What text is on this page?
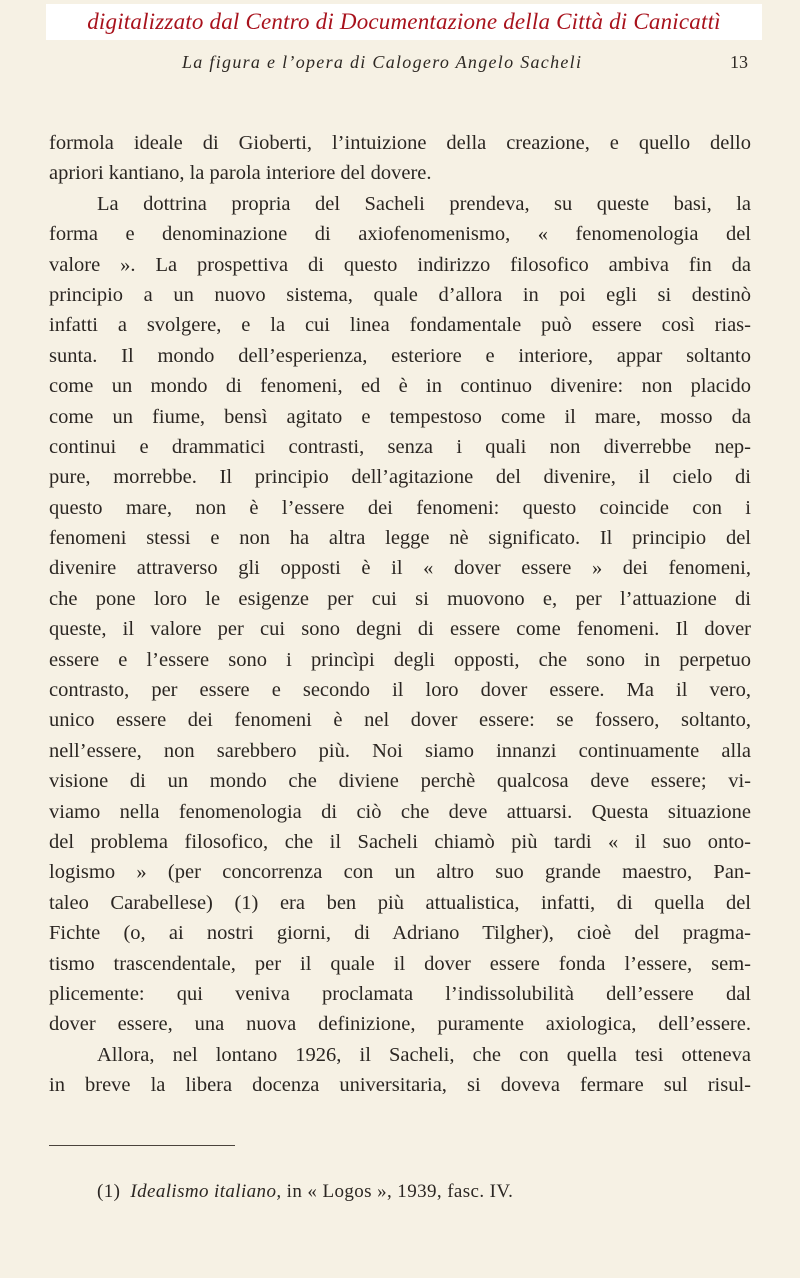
digitalizzato dal Centro di Documentazione della Città di Canicattì
La figura e l’opera di Calogero Angelo Sacheli	13
formola ideale di Gioberti, l’intuizione della creazione, e quello dello
apriori kantiano, la parola interiore del dovere.
La dottrina propria del Sacheli prendeva, su queste basi, la
forma e denominazione di axiofenomenismo, « fenomenologia del
valore ». La prospettiva di questo indirizzo filosofico ambiva fin da
principio a un nuovo sistema, quale d’allora in poi egli si destinò
infatti a svolgere, e la cui linea fondamentale può essere così rias-
sunta. Il mondo dell’esperienza, esteriore e interiore, appar soltanto
come un mondo di fenomeni, ed è in continuo divenire: non placido
come un fiume, bensì agitato e tempestoso come il mare, mosso da
continui e drammatici contrasti, senza i quali non diverrebbe nep-
pure, morrebbe. Il principio dell’agitazione del divenire, il cielo di
questo mare, non è l’essere dei fenomeni: questo coincide con i
fenomeni stessi e non ha altra legge nè significato. Il principio del
divenire attraverso gli opposti è il « dover essere » dei fenomeni,
che pone loro le esigenze per cui si muovono e, per l’attuazione di
queste, il valore per cui sono degni di essere come fenomeni. Il dover
essere e l’essere sono i princìpi degli opposti, che sono in perpetuo
contrasto, per essere e secondo il loro dover essere. Ma il vero,
unico essere dei fenomeni è nel dover essere: se fossero, soltanto,
nell’essere, non sarebbero più. Noi siamo innanzi continuamente alla
visione di un mondo che diviene perchè qualcosa deve essere; vi-
viamo nella fenomenologia di ciò che deve attuarsi. Questa situazione
del problema filosofico, che il Sacheli chiamò più tardi « il suo onto-
logismo » (per concorrenza con un altro suo grande maestro, Pan-
taleo Carabellese) (1) era ben più attualistica, infatti, di quella del
Fichte (o, ai nostri giorni, di Adriano Tilgher), cioè del pragma-
tismo trascendentale, per il quale il dover essere fonda l’essere, sem-
plicemente: qui veniva proclamata l’indissolubilità dell’essere dal
dover essere, una nuova definizione, puramente axiologica, dell’essere.
Allora, nel lontano 1926, il Sacheli, che con quella tesi otteneva
in breve la libera docenza universitaria, si doveva fermare sul risul-
(1) Idealismo italiano, in « Logos », 1939, fasc. IV.
